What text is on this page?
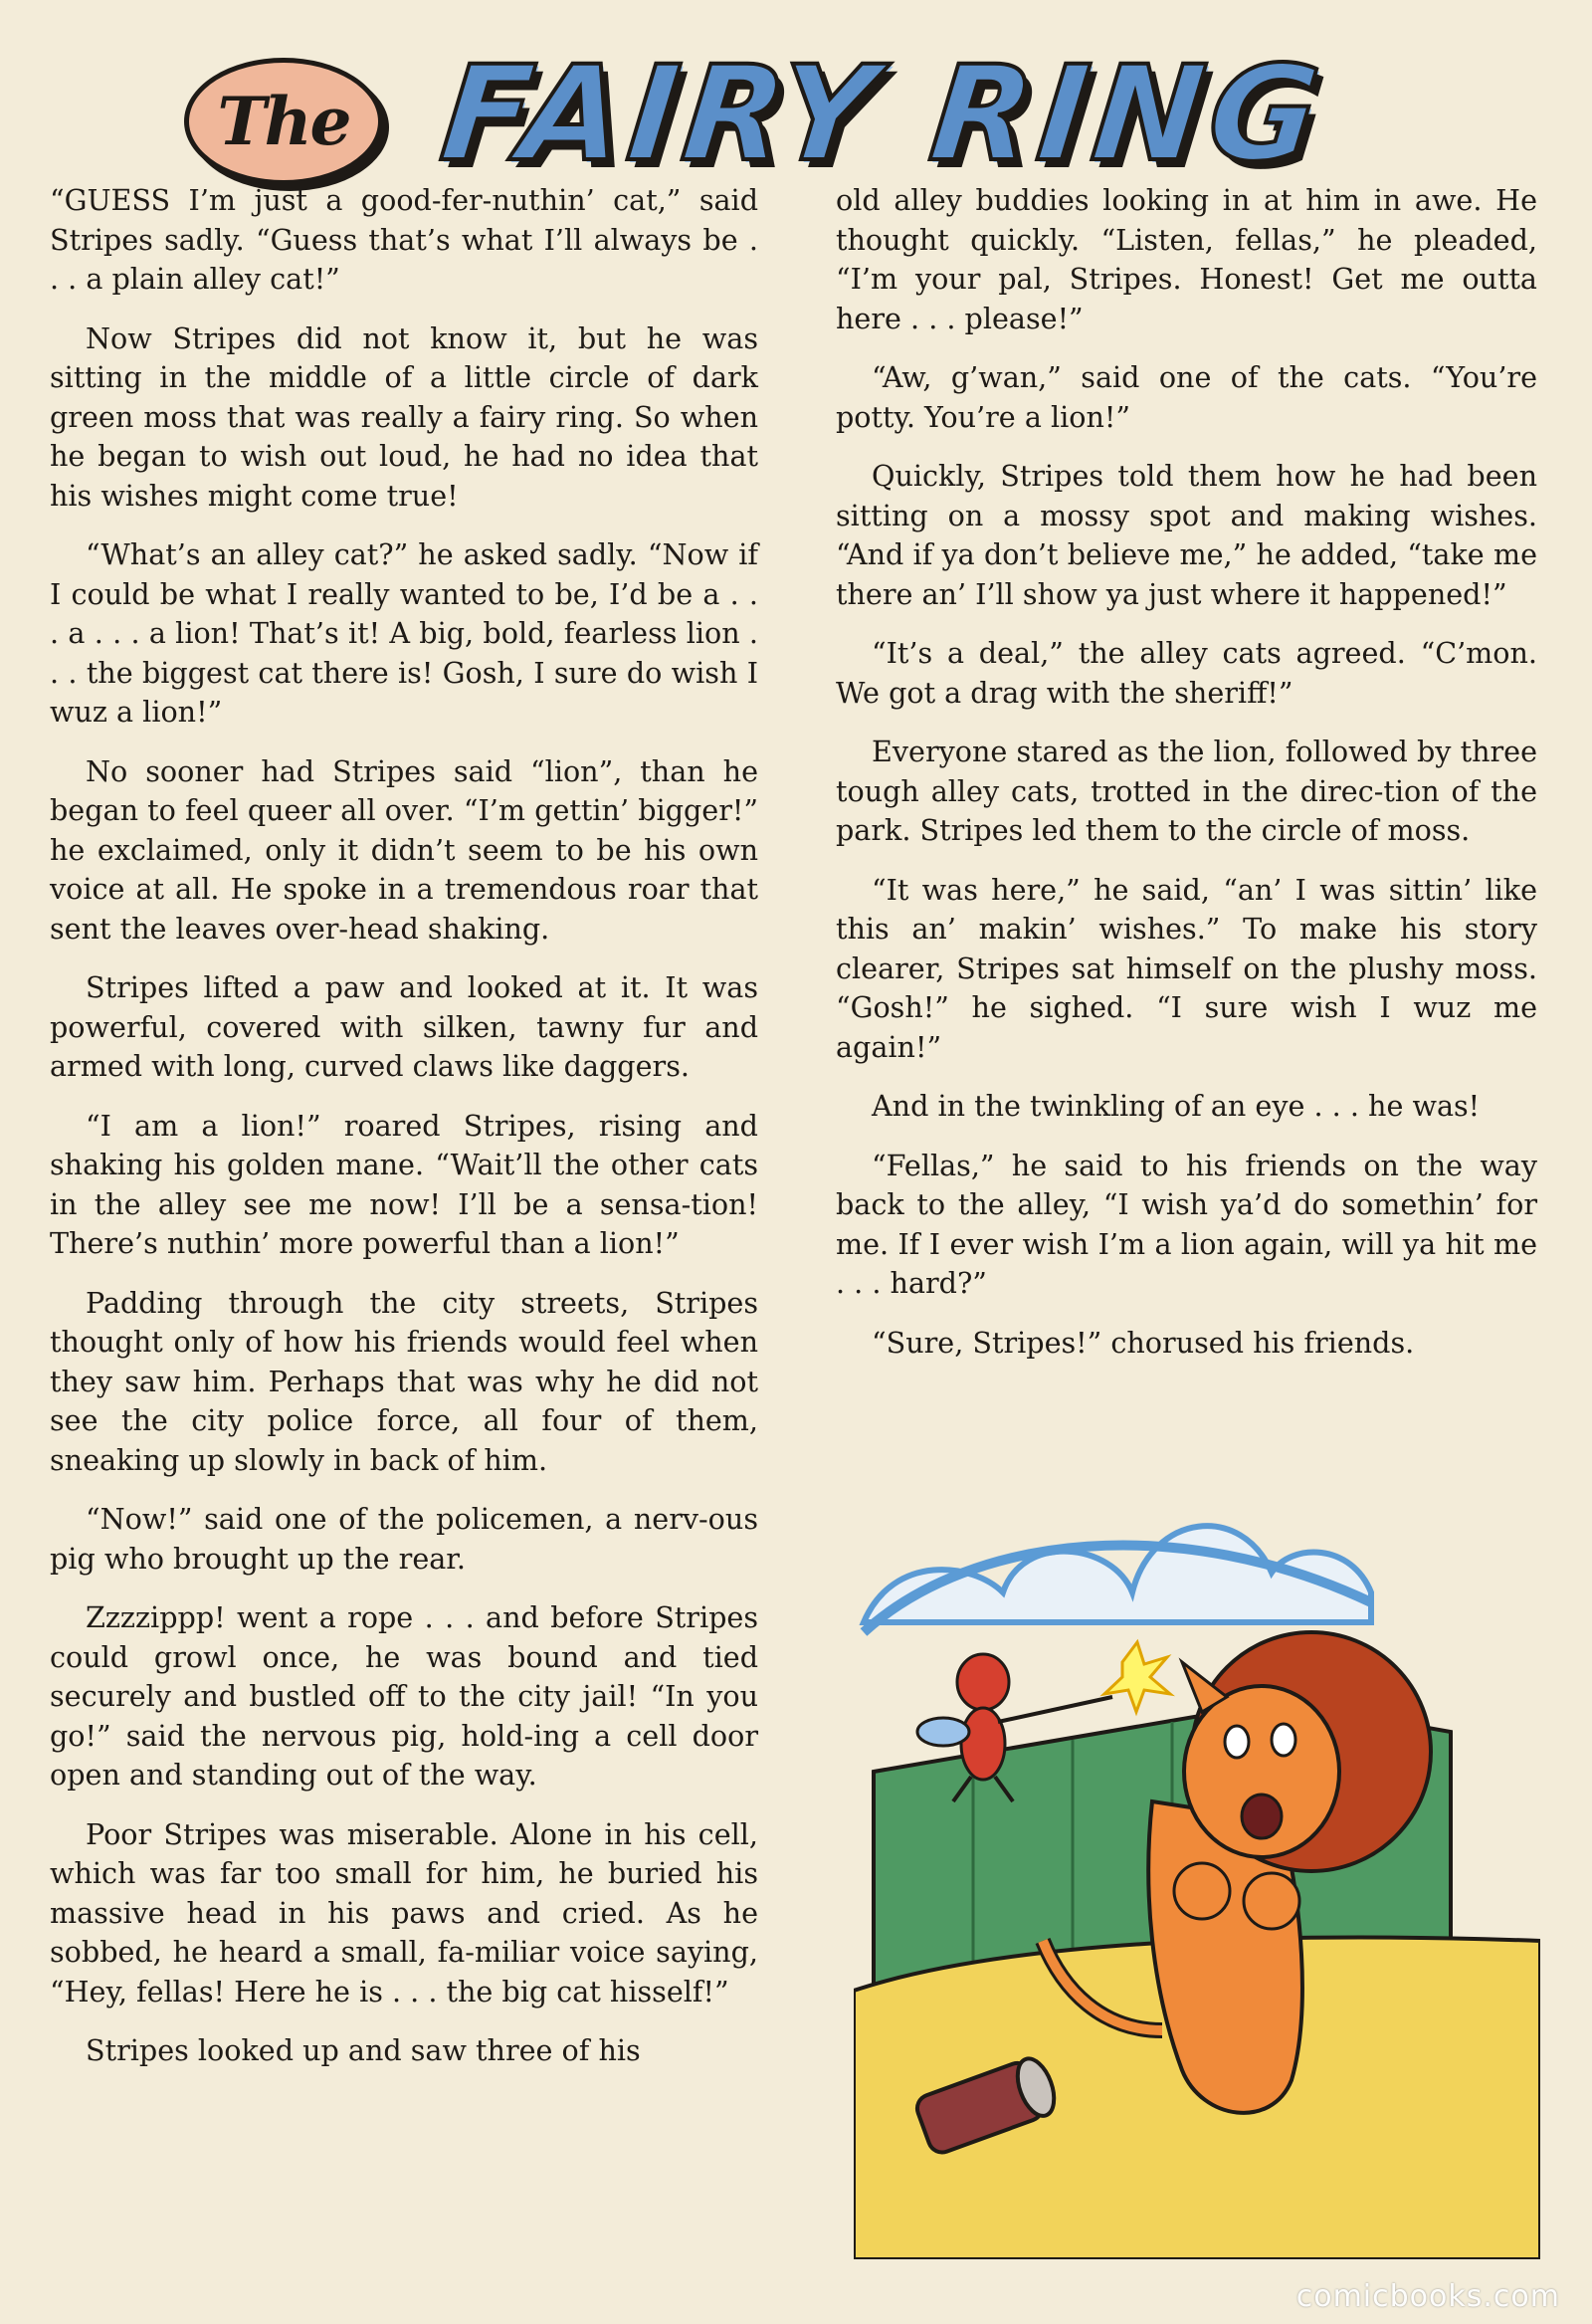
The FAIRY RING

“GUESS I’m just a good-fer-nuthin’ cat,” said Stripes sadly. “Guess that’s what I’ll always be . . . a plain alley cat!”

Now Stripes did not know it, but he was sitting in the middle of a little circle of dark green moss that was really a fairy ring. So when he began to wish out loud, he had no idea that his wishes might come true!

“What’s an alley cat?” he asked sadly. “Now if I could be what I really wanted to be, I’d be a . . . a . . . a lion! That’s it! A big, bold, fearless lion . . . the biggest cat there is! Gosh, I sure do wish I wuz a lion!”

No sooner had Stripes said “lion”, than he began to feel queer all over. “I’m gettin’ bigger!” he exclaimed, only it didn’t seem to be his own voice at all. He spoke in a tremendous roar that sent the leaves over-head shaking.

Stripes lifted a paw and looked at it. It was powerful, covered with silken, tawny fur and armed with long, curved claws like daggers.

“I am a lion!” roared Stripes, rising and shaking his golden mane. “Wait’ll the other cats in the alley see me now! I’ll be a sensa-tion! There’s nuthin’ more powerful than a lion!”

Padding through the city streets, Stripes thought only of how his friends would feel when they saw him. Perhaps that was why he did not see the city police force, all four of them, sneaking up slowly in back of him.

“Now!” said one of the policemen, a nerv-ous pig who brought up the rear.

Zzzzippp! went a rope . . . and before Stripes could growl once, he was bound and tied securely and bustled off to the city jail! “In you go!” said the nervous pig, hold-ing a cell door open and standing out of the way.

Poor Stripes was miserable. Alone in his cell, which was far too small for him, he buried his massive head in his paws and cried. As he sobbed, he heard a small, fa-miliar voice saying, “Hey, fellas! Here he is . . . the big cat hisself!”

Stripes looked up and saw three of his

old alley buddies looking in at him in awe. He thought quickly. “Listen, fellas,” he pleaded, “I’m your pal, Stripes. Honest! Get me outta here . . . please!”

“Aw, g’wan,” said one of the cats. “You’re potty. You’re a lion!”

Quickly, Stripes told them how he had been sitting on a mossy spot and making wishes. “And if ya don’t believe me,” he added, “take me there an’ I’ll show ya just where it happened!”

“It’s a deal,” the alley cats agreed. “C’mon. We got a drag with the sheriff!”

Everyone stared as the lion, followed by three tough alley cats, trotted in the direc-tion of the park. Stripes led them to the circle of moss.

“It was here,” he said, “an’ I was sittin’ like this an’ makin’ wishes.” To make his story clearer, Stripes sat himself on the plushy moss. “Gosh!” he sighed. “I sure wish I wuz me again!”

And in the twinkling of an eye . . . he was!

“Fellas,” he said to his friends on the way back to the alley, “I wish ya’d do somethin’ for me. If I ever wish I’m a lion again, will ya hit me . . . hard?”

“Sure, Stripes!” chorused his friends.

comicbooks.com
